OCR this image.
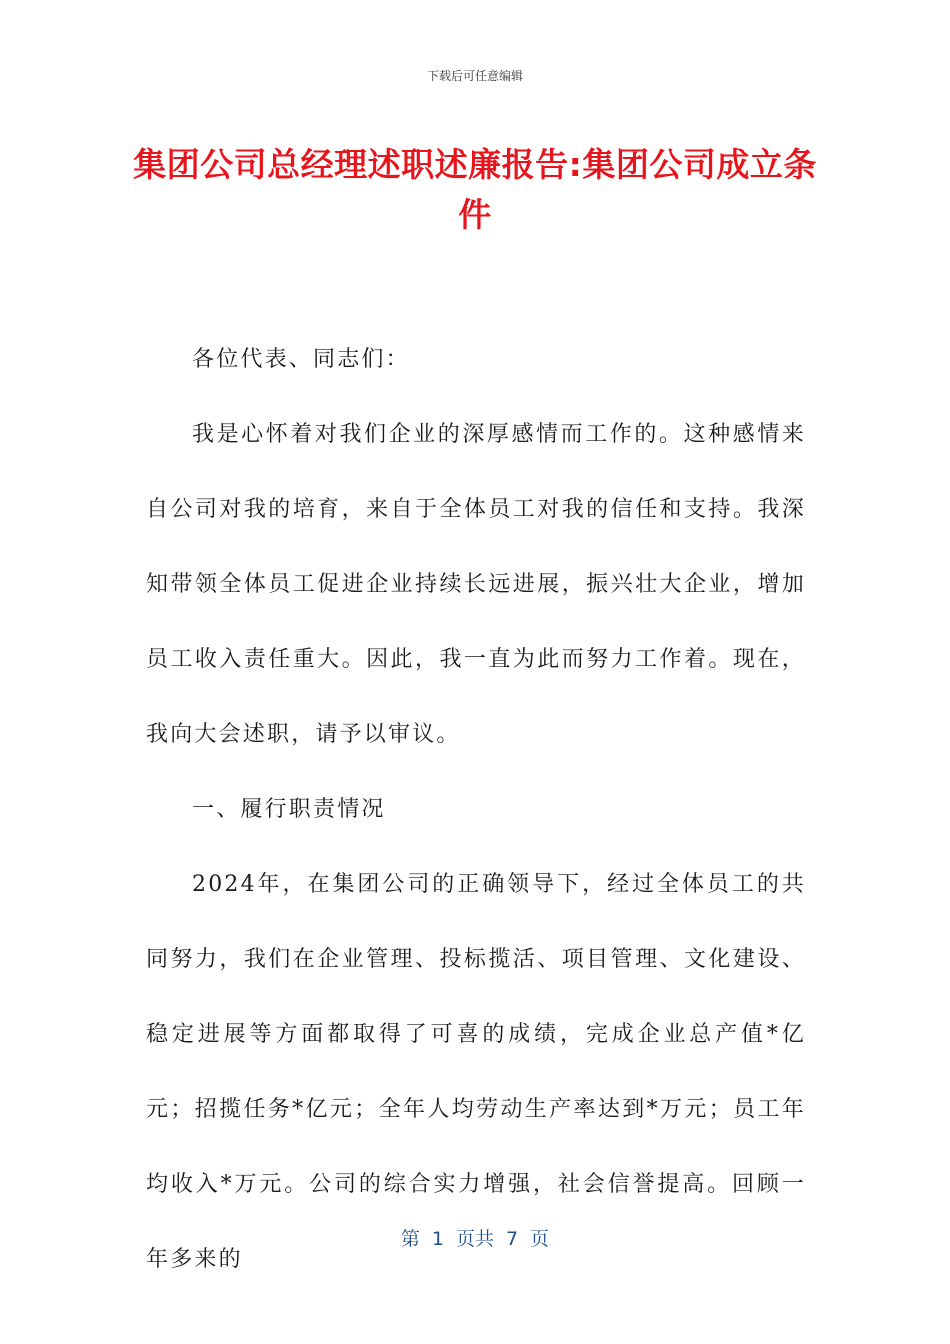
下载后可任意编辑
集团公司总经理述职述廉报告:集团公司成立条件

各位代表、同志们：

我是心怀着对我们企业的深厚感情而工作的。这种感情来自公司对我的培育，来自于全体员工对我的信任和支持。我深知带领全体员工促进企业持续长远进展，振兴壮大企业，增加员工收入责任重大。因此，我一直为此而努力工作着。现在，我向大会述职，请予以审议。

一、履行职责情况

2024年，在集团公司的正确领导下，经过全体员工的共同努力，我们在企业管理、投标揽活、项目管理、文化建设、稳定进展等方面都取得了可喜的成绩，完成企业总产值*亿元；招揽任务*亿元；全年人均劳动生产率达到*万元；员工年均收入*万元。公司的综合实力增强，社会信誉提高。回顾一年多来的

第 1 页共 7 页
